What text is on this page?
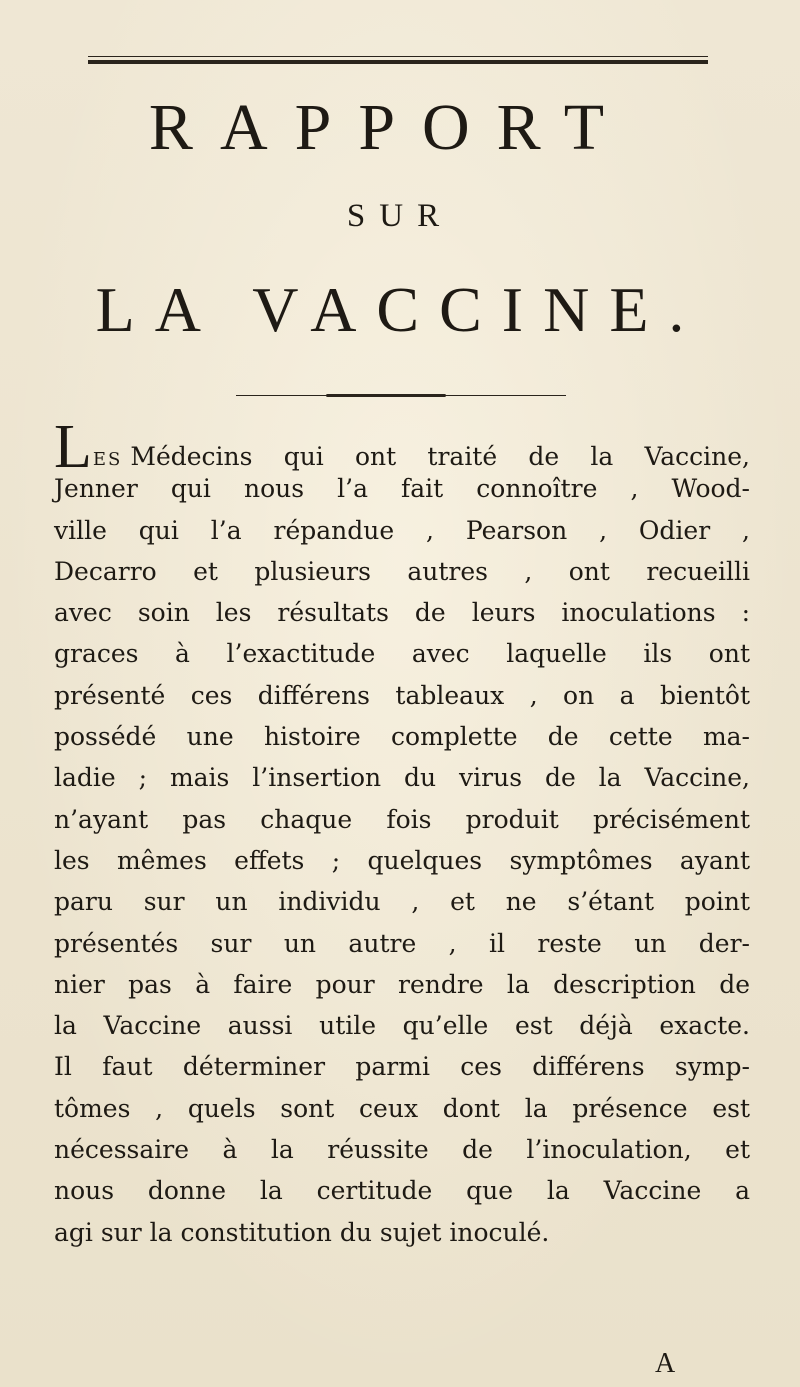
RAPPORT
SUR
LA VACCINE.
LES Médecins qui ont traité de la Vaccine,
Jenner qui nous l’a fait connoître , Wood-
ville qui l’a répandue , Pearson , Odier ,
Decarro et plusieurs autres , ont recueilli
avec soin les résultats de leurs inoculations :
graces à l’exactitude avec laquelle ils ont
présenté ces différens tableaux , on a bientôt
possédé une histoire complette de cette ma-
ladie ; mais l’insertion du virus de la Vaccine,
n’ayant pas chaque fois produit précisément
les mêmes effets ; quelques symptômes ayant
paru sur un individu , et ne s’étant point
présentés sur un autre , il reste un der-
nier pas à faire pour rendre la description de
la Vaccine aussi utile qu’elle est déjà exacte.
Il faut déterminer parmi ces différens symp-
tômes , quels sont ceux dont la présence est
nécessaire à la réussite de l’inoculation, et
nous donne la certitude que la Vaccine a
agi sur la constitution du sujet inoculé.
A
